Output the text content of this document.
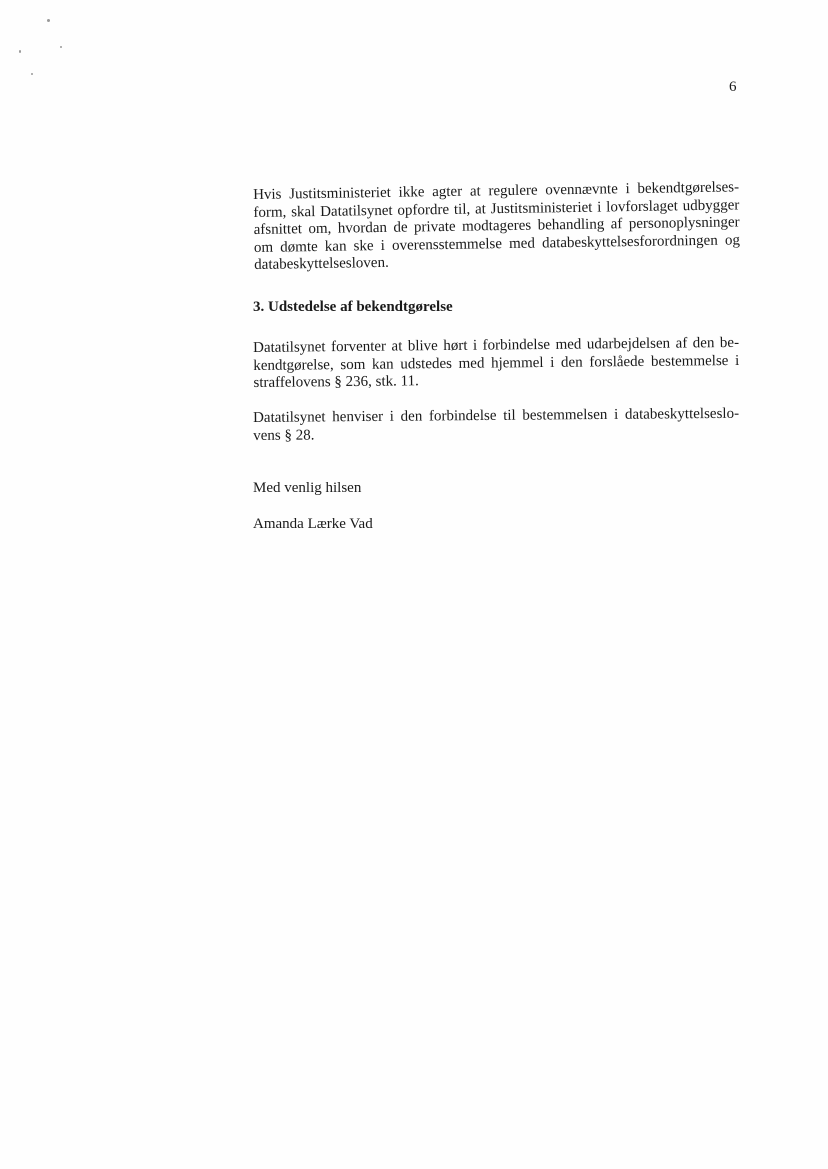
6

Hvis Justitsministeriet ikke agter at regulere ovennævnte i bekendtgørelses-form, skal Datatilsynet opfordre til, at Justitsministeriet i lovforslaget udbygger afsnittet om, hvordan de private modtageres behandling af personoplysninger om dømte kan ske i overensstemmelse med databeskyttelsesforordningen og databeskyttelsesloven.

3. Udstedelse af bekendtgørelse

Datatilsynet forventer at blive hørt i forbindelse med udarbejdelsen af den be-kendtgørelse, som kan udstedes med hjemmel i den forslåede bestemmelse i straffelovens § 236, stk. 11.

Datatilsynet henviser i den forbindelse til bestemmelsen i databeskyttelseslo-vens § 28.

Med venlig hilsen

Amanda Lærke Vad
